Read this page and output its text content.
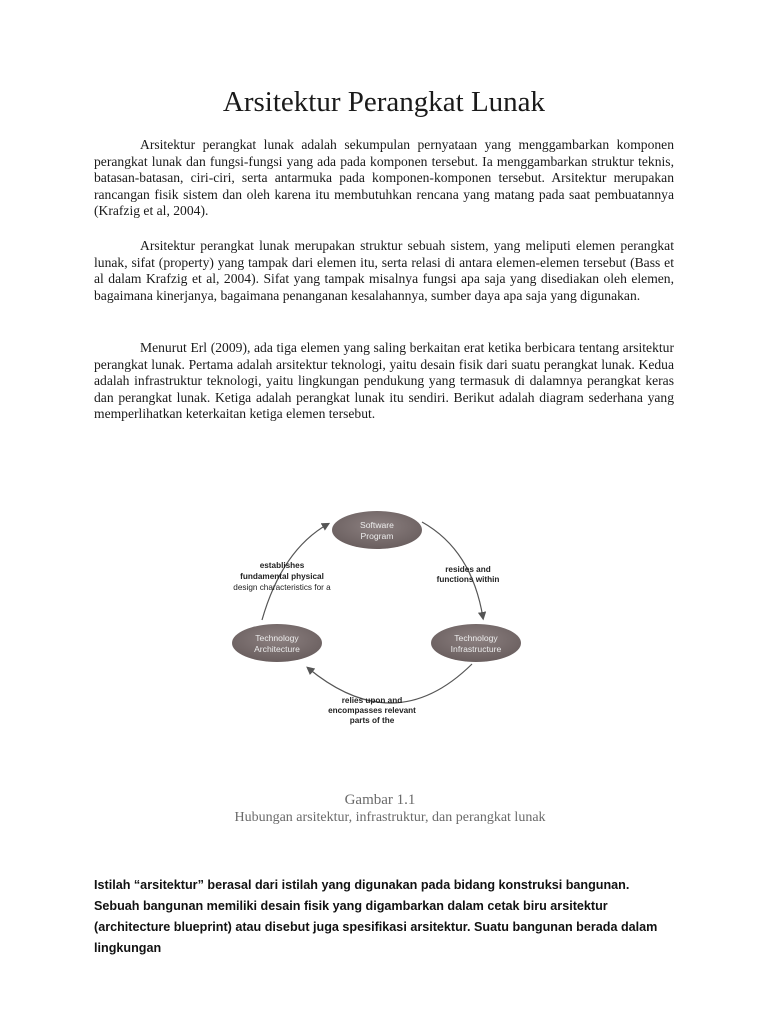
Arsitektur Perangkat Lunak

Arsitektur perangkat lunak adalah sekumpulan pernyataan yang menggambarkan komponen perangkat lunak dan fungsi-fungsi yang ada pada komponen tersebut. Ia menggambarkan struktur teknis, batasan-batasan, ciri-ciri, serta antarmuka pada komponen-komponen tersebut. Arsitektur merupakan rancangan fisik sistem dan oleh karena itu membutuhkan rencana yang matang pada saat pembuatannya (Krafzig et al, 2004).

Arsitektur perangkat lunak merupakan struktur sebuah sistem, yang meliputi elemen perangkat lunak, sifat (property) yang tampak dari elemen itu, serta relasi di antara elemen-elemen tersebut (Bass et al dalam Krafzig et al, 2004). Sifat yang tampak misalnya fungsi apa saja yang disediakan oleh elemen, bagaimana kinerjanya, bagaimana penanganan kesalahannya, sumber daya apa saja yang digunakan.

Menurut Erl (2009), ada tiga elemen yang saling berkaitan erat ketika berbicara tentang arsitektur perangkat lunak. Pertama adalah arsitektur teknologi, yaitu desain fisik dari suatu perangkat lunak. Kedua adalah infrastruktur teknologi, yaitu lingkungan pendukung yang termasuk di dalamnya perangkat keras dan perangkat lunak. Ketiga adalah perangkat lunak itu sendiri. Berikut adalah diagram sederhana yang memperlihatkan keterkaitan ketiga elemen tersebut.

Software
Program
Technology
Infrastructure
Technology
Architecture
resides and
functions within
relies upon and
encompasses relevant
parts of the
establishes
fundamental physical
design characteristics for a

Gambar 1.1

Hubungan arsitektur, infrastruktur, dan perangkat lunak

Istilah “arsitektur” berasal dari istilah yang digunakan pada bidang konstruksi bangunan. Sebuah bangunan memiliki desain fisik yang digambarkan dalam cetak biru arsitektur (architecture blueprint) atau disebut juga spesifikasi arsitektur. Suatu bangunan berada dalam lingkungan
